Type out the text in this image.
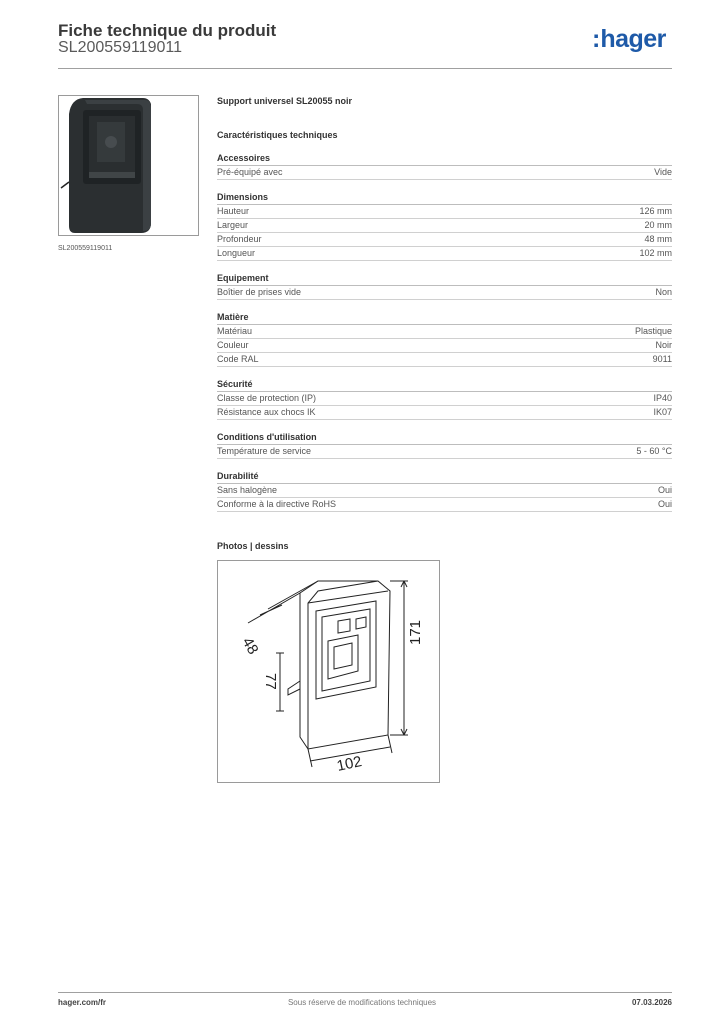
Fiche technique du produit
SL200559119011	:hager
SL200559119011
Support universel SL20055 noir
Caractéristiques techniques
Accessoires
Pré-équipé avec	Vide
Dimensions
Hauteur	126 mm
Largeur	20 mm
Profondeur	48 mm
Longueur	102 mm
Equipement
Boîtier de prises vide	Non
Matière
Matériau	Plastique
Couleur	Noir
Code RAL	9011
Sécurité
Classe de protection (IP)	IP40
Résistance aux chocs IK	IK07
Conditions d'utilisation
Température de service	5 - 60 °C
Durabilité
Sans halogène	Oui
Conforme à la directive RoHS	Oui
Photos | dessins
171
102
48
77
hager.com/fr	Sous réserve de modifications techniques	07.03.2026
